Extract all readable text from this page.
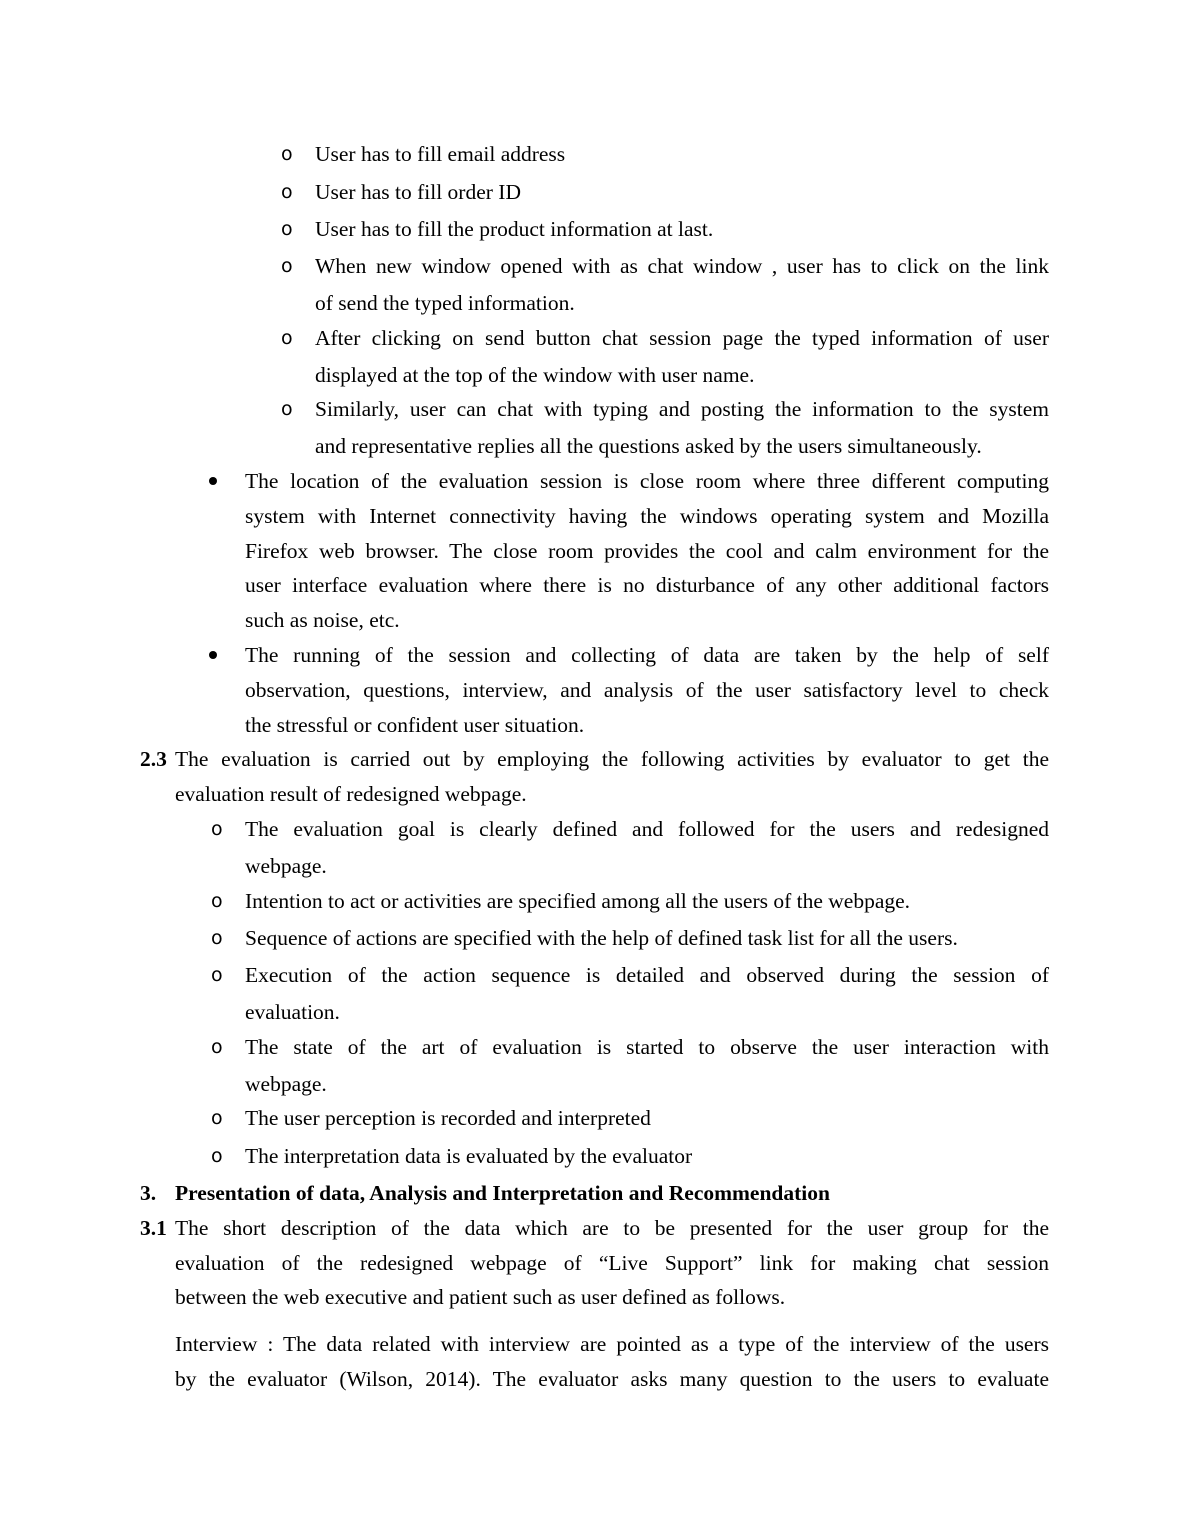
o User has to fill email address
o User has to fill order ID
o User has to fill the product information at last.
o When new window opened with as chat window , user has to click on the link
of send the typed information.
o After clicking on send button chat session page the typed information of user
displayed at the top of the window with user name.
o Similarly, user can chat with typing and posting the information to the system
and representative replies all the questions asked by the users simultaneously.
The location of the evaluation session is close room where three different computing
system with Internet connectivity having the windows operating system and Mozilla
Firefox web browser. The close room provides the cool and calm environment for the
user interface evaluation where there is no disturbance of any other additional factors
such as noise, etc.
The running of the session and collecting of data are taken by the help of self
observation, questions, interview, and analysis of the user satisfactory level to check
the stressful or confident user situation.
2.3 The evaluation is carried out by employing the following activities by evaluator to get the
evaluation result of redesigned webpage.
o The evaluation goal is clearly defined and followed for the users and redesigned
webpage.
o Intention to act or activities are specified among all the users of the webpage.
o Sequence of actions are specified with the help of defined task list for all the users.
o Execution of the action sequence is detailed and observed during the session of
evaluation.
o The state of the art of evaluation is started to observe the user interaction with
webpage.
o The user perception is recorded and interpreted
o The interpretation data is evaluated by the evaluator
3. Presentation of data, Analysis and Interpretation and Recommendation
3.1 The short description of the data which are to be presented for the user group for the
evaluation of the redesigned webpage of “Live Support” link for making chat session
between the web executive and patient such as user defined as follows.
Interview : The data related with interview are pointed as a type of the interview of the users
by the evaluator (Wilson, 2014). The evaluator asks many question to the users to evaluate
